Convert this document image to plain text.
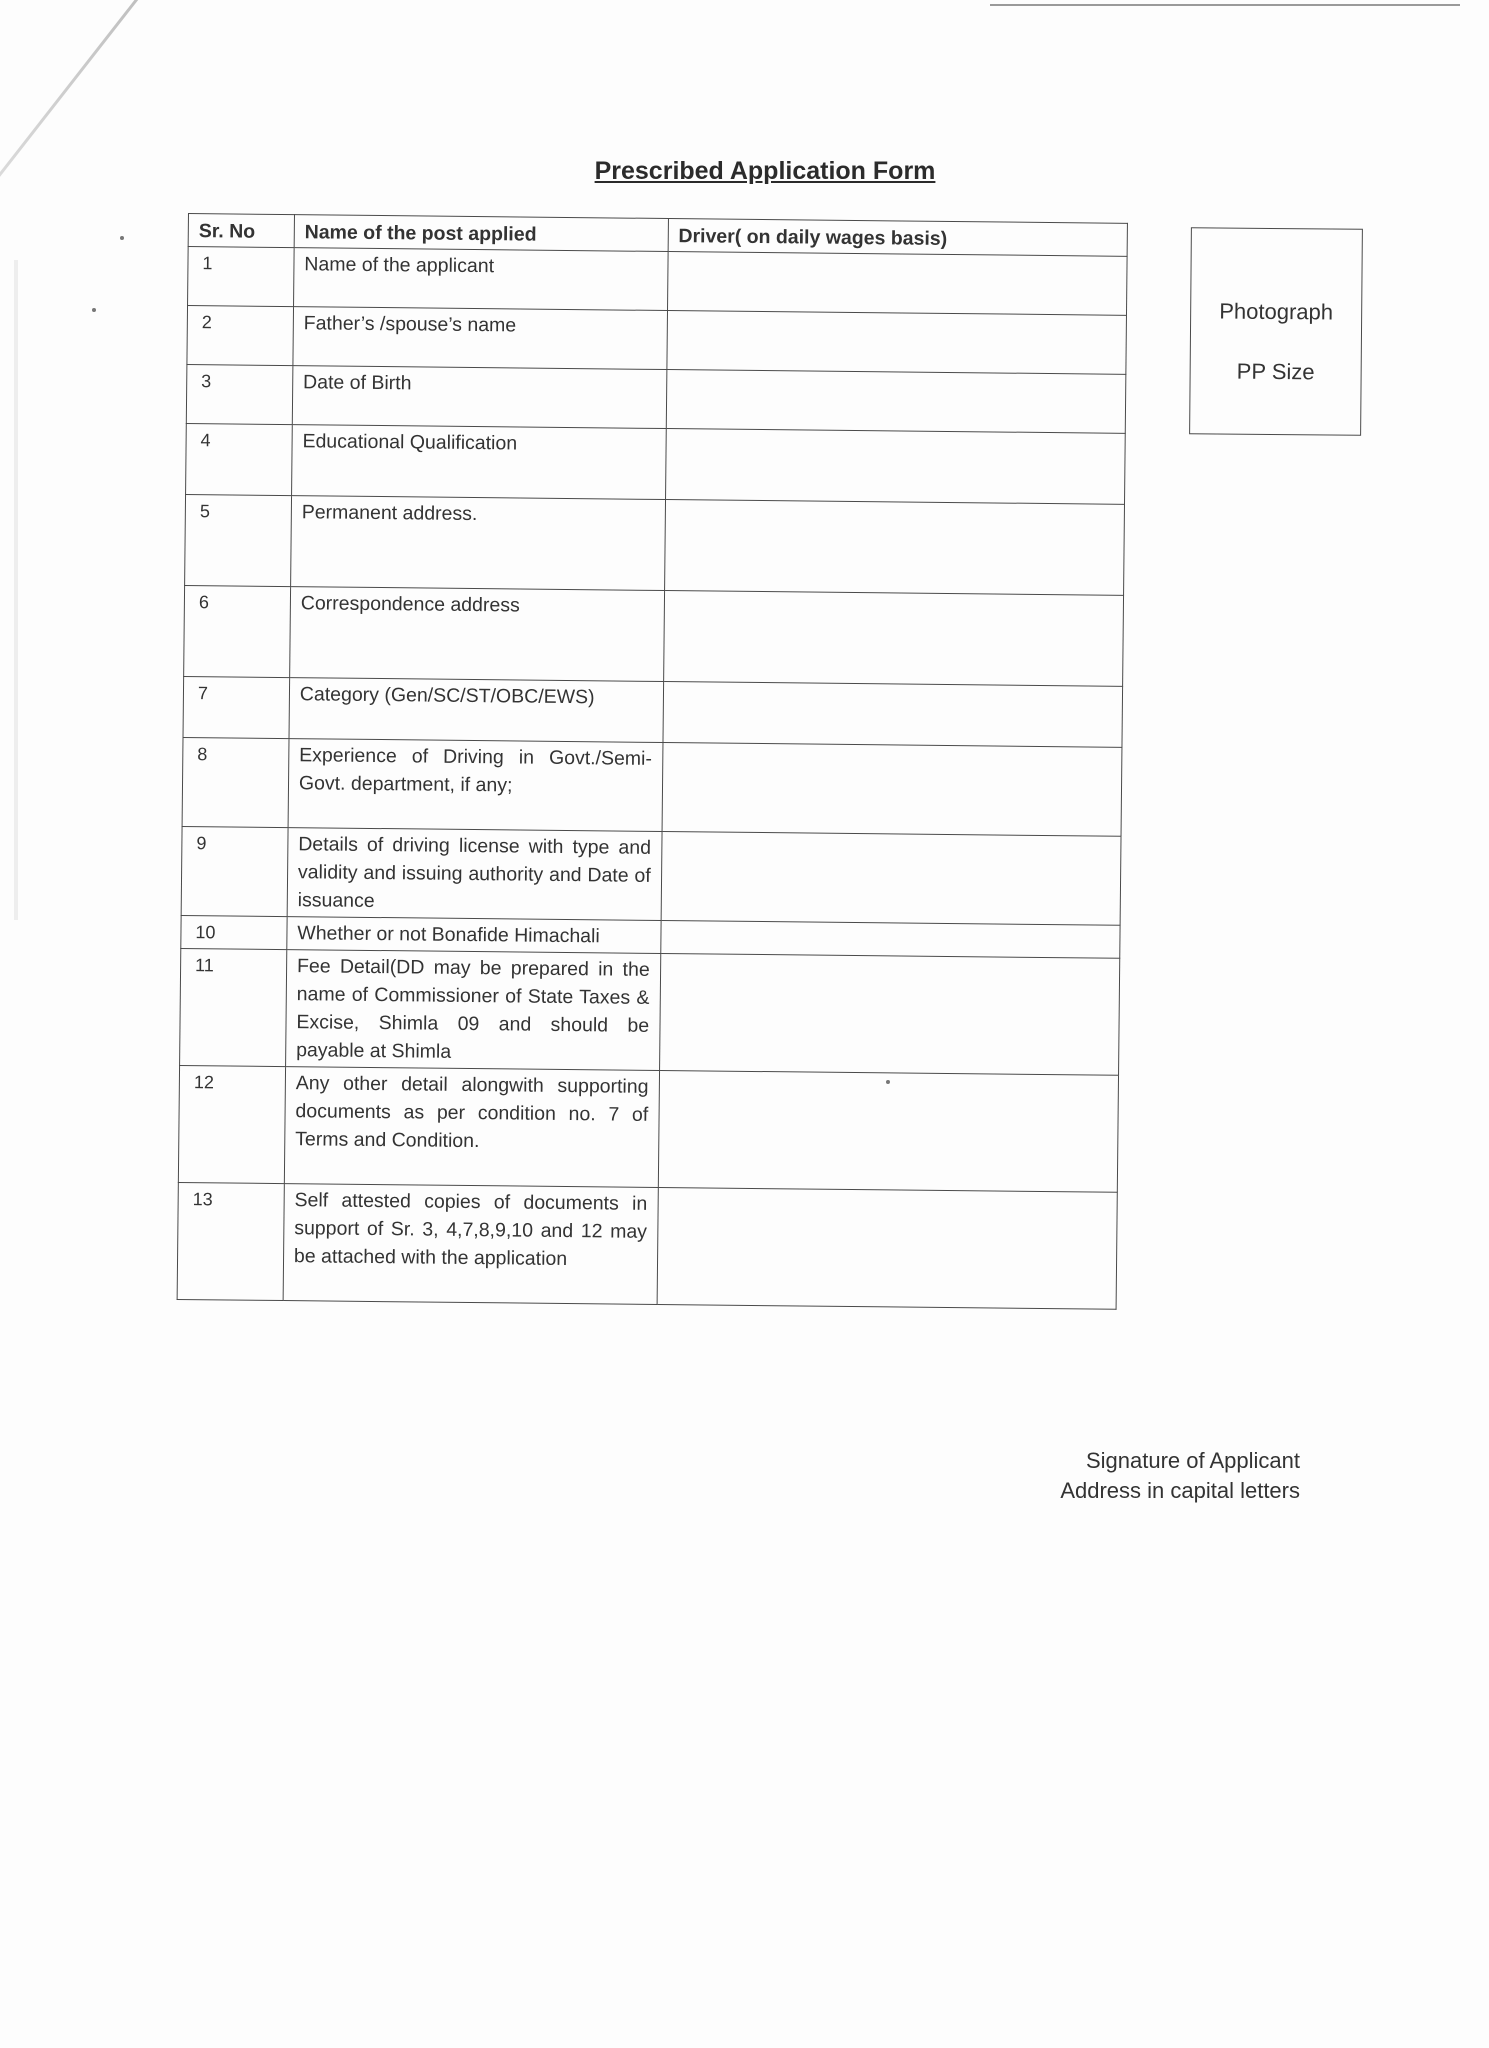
Prescribed Application Form
Sr. No	Name of the post applied	Driver( on daily wages basis)
1	Name of the applicant	
2	Father’s /spouse’s name	
3	Date of Birth	
4	Educational Qualification	
5	Permanent address.	
6	Correspondence address	
7	Category (Gen/SC/ST/OBC/EWS)	
8	Experience of Driving in Govt./Semi-Govt. department, if any;	
9	Details of driving license with type and validity and issuing authority and Date of issuance	
10	Whether or not Bonafide Himachali	
11	Fee Detail(DD may be prepared in the name of Commissioner of State Taxes & Excise, Shimla 09 and should be payable at Shimla	
12	Any other detail alongwith supporting documents as per condition no. 7 of Terms and Condition.	
13	Self attested copies of documents in support of Sr. 3, 4,7,8,9,10 and 12 may be attached with the application	
Photograph
PP Size
Signature of Applicant
Address in capital letters
